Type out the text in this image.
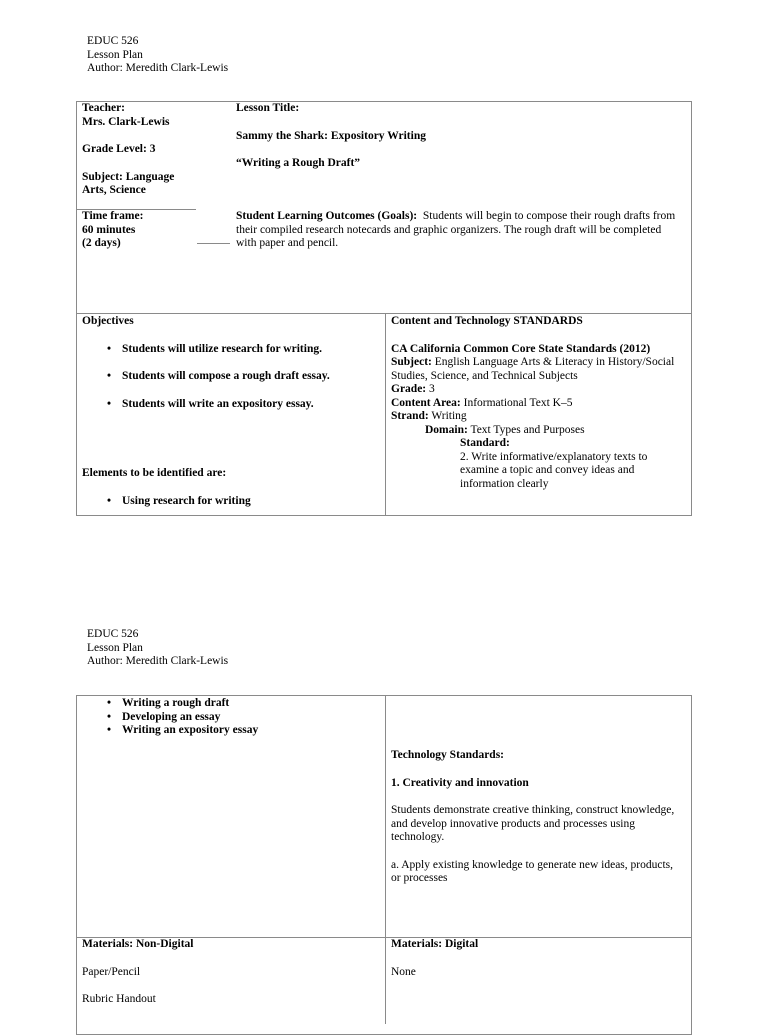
EDUC 526
Lesson Plan
Author: Meredith Clark-Lewis

Teacher:

Mrs. Clark-Lewis

Grade Level: 3

Subject: Language

Arts, Science

Lesson Title:

Sammy the Shark: Expository Writing

“Writing a Rough Draft”

Time frame:

60 minutes

(2 days)

Student Learning Outcomes (Goals): Students will begin to compose their rough drafts from

their compiled research notecards and graphic organizers. The rough draft will be completed

with paper and pencil.

Objectives

• Students will utilize research for writing.
• Students will compose a rough draft essay.
• Students will write an expository essay.
Elements to be identified are:
• Using research for writing

Content and Technology STANDARDS

CA California Common Core State Standards (2012)

Subject: English Language Arts & Literacy in History/Social

Studies, Science, and Technical Subjects

Grade: 3

Content Area: Informational Text K–5

Strand: Writing

Domain: Text Types and Purposes

Standard:

2. Write informative/explanatory texts to

examine a topic and convey ideas and

information clearly

EDUC 526
Lesson Plan
Author: Meredith Clark-Lewis
• Writing a rough draft
• Developing an essay
• Writing an expository essay

Technology Standards:

1. Creativity and innovation

Students demonstrate creative thinking, construct knowledge,

and develop innovative products and processes using

technology.

a. Apply existing knowledge to generate new ideas, products,

or processes

Materials: Non-Digital

Paper/Pencil

Rubric Handout

Materials: Digital

None
